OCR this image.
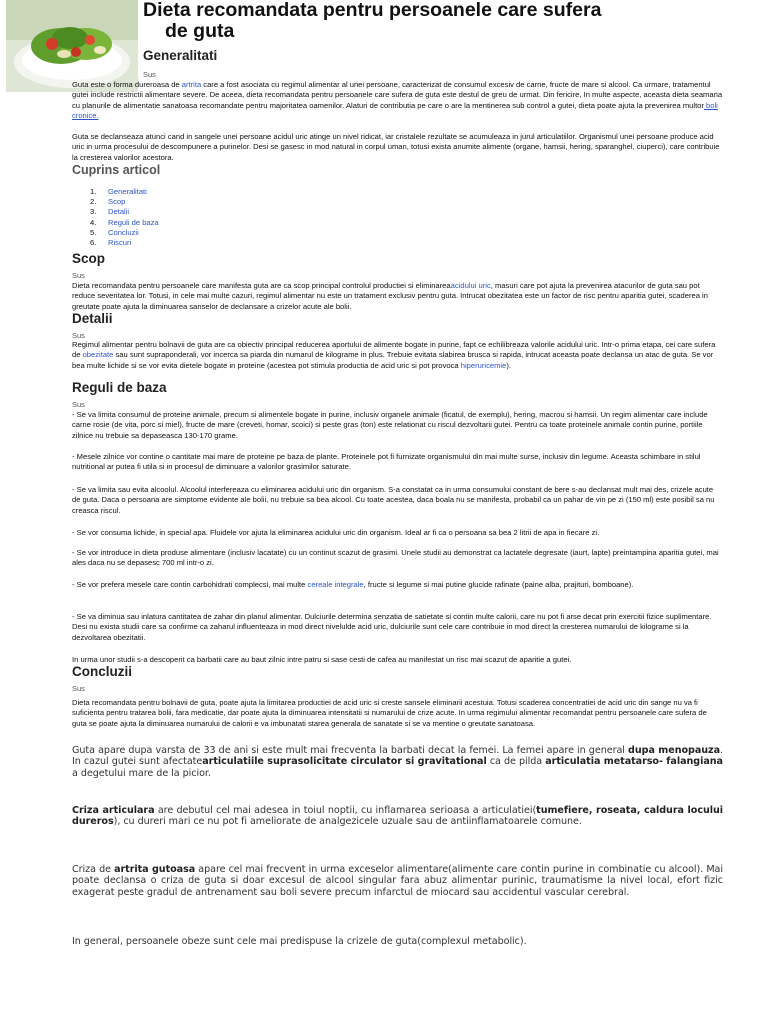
Dieta recomandata pentru persoanele care sufera

de guta
Generalitati

Sus

Guta este o forma dureroasa de artrita care a fost asociata cu regimul alimentar al unei persoane, caracterizat de consumul excesiv de carne, fructe de mare si alcool. Ca urmare, tratamentul gutei include restrictii alimentare severe. De aceea, dieta recomandata pentru persoanele care sufera de guta este destul de greu de urmat. Din fericire, In multe aspecte, aceasta dieta seamana cu planurile de alimentatie sanatoasa recomandate pentru majoritatea oamenilor. Alaturi de contributia pe care o are la mentinerea sub control a gutei, dieta poate ajuta la prevenirea multor boli cronice.

Guta se declanseaza atunci cand in sangele unei persoane acidul uric atinge un nivel ridicat, iar cristalele rezultate se acumuleaza in jurul articulatiilor. Organismul unei persoane produce acid uric in urma procesului de descompunere a purinelor. Desi se gasesc in mod natural in corpul uman, totusi exista anumite alimente (organe, hamsii, hering, sparanghel, ciuperci), care contribuie la cresterea valorilor acestora.

Cuprins articol
1.	Generalitati
2.	Scop
3.	Detalii
4.	Reguli de baza
5.	Concluzii
6.	Riscuri
Scop

Sus

Dieta recomandata pentru persoanele care manifesta guta are ca scop principal controlul productiei si eliminareaacidului uric, masuri care pot ajuta la prevenirea atacurilor de guta sau pot reduce severitatea lor. Totusi, in cele mai multe cazuri, regimul alimentar nu este un tratament exclusiv pentru guta. Intrucat obezitatea este un factor de risc pentru aparitia gutei, scaderea in greutate poate ajuta la diminuarea sanselor de declansare a crizelor acute ale bolii.

Detalii

Sus

Regimul alimentar pentru bolnavii de guta are ca obiectiv principal reducerea aportului de alimente bogate in purine, fapt ce echilibreaza valorile acidului uric. Intr-o prima etapa, cei care sufera de obezitate sau sunt supraponderali, vor incerca sa piarda din numarul de kilograme in plus. Trebuie evitata slabirea brusca si rapida, intrucat aceasta poate declansa un atac de guta. Se vor bea multe lichide si se vor evita dietele bogate in proteine (acestea pot stimula productia de acid uric si pot provoca hiperuricemie).

Reguli de baza

Sus

- Se va limita consumul de proteine animale, precum si alimentele bogate in purine, inclusiv organele animale (ficatul, de exemplu), hering, macrou si hamsii. Un regim alimentar care include carne rosie (de vita, porc si miel), fructe de mare (creveti, homar, scoici) si peste gras (ton) este relationat cu riscul dezvoltarii gutei. Pentru ca toate proteinele animale contin purine, portiile zilnice nu trebuie sa depaseasca 130-170 grame.

- Mesele zilnice vor contine o cantitate mai mare de proteine pe baza de plante. Proteinele pot fi furnizate organismului din mai multe surse, inclusiv din legume. Aceasta schimbare in stilul nutritional ar putea fi utila si in procesul de diminuare a valorilor grasimilor saturate.

- Se va limita sau evita alcoolul. Alcoolul interfereaza cu eliminarea acidului uric din organism. S-a constatat ca in urma consumului constant de bere s-au declansat mult mai des, crizele acute de guta. Daca o persoana are simptome evidente ale bolii, nu trebuie sa bea alcool. Cu toate acestea, daca boala nu se manifesta, probabil ca un pahar de vin pe zi (150 ml) este posibil sa nu creasca riscul.

- Se vor consuma lichide, in special apa. Fluidele vor ajuta la eliminarea acidului uric din organism. Ideal ar fi ca o persoana sa bea 2 litrii de apa in fiecare zi.

- Se vor introduce in dieta produse alimentare (inclusiv lacatate) cu un continut scazut de grasimi. Unele studii au demonstrat ca lactatele degresate (iaurt, lapte) preintampina aparitia gutei, mai ales daca nu se depasesc 700 ml intr-o zi.

- Se vor prefera mesele care contin carbohidrati complecsi, mai multe cereale integrale, fructe si legume si mai putine glucide rafinate (paine alba, prajituri, bomboane).

- Se va diminua sau inlatura cantitatea de zahar din planul alimentar. Dulciurile determina senzatia de satietate si contin multe calorii, care nu pot fi arse decat prin exercitii fizice suplimentare. Desi nu exista studii care sa confirme ca zaharul influenteaza in mod direct nivelulde acid uric, dulciurile sunt cele care contribuie in mod direct la cresterea numarului de kilograme si la dezvoltarea obezitatii.

In urma unor studii s-a descoperit ca barbatii care au baut zilnic intre patru si sase cesti de cafea au manifestat un risc mai scazut de aparitie a gutei.

Concluzii

Sus

Dieta recomandata pentru bolnavii de guta, poate ajuta la limitarea productiei de acid uric si creste sansele eliminarii acestuia. Totusi scaderea concentratiei de acid uric din sange nu va fi suficienta pentru tratarea bolii, fara medicatie, dar poate ajuta la diminuarea intensitatii si numarului de crize acute. In urma regimului alimentar recomandat pentru persoanele care sufera de guta se poate ajuta la diminuarea numarului de calorii e va imbunatati starea generala de sanatate si se va mentine o greutate sanatoasa.

Guta apare dupa varsta de 33 de ani si este mult mai frecventa la barbati decat la femei. La femei apare in general dupa menopauza. In cazul gutei sunt afectatearticulatiile suprasolicitate circulator si gravitational ca de pilda articulatia metatarso- falangiana a degetului mare de la picior.

Criza articulara are debutul cel mai adesea in toiul noptii, cu inflamarea serioasa a articulatiei(tumefiere, roseata, caldura locului dureros), cu dureri mari ce nu pot fi ameliorate de analgezicele uzuale sau de antiinflamatoarele comune.

Criza de artrita gutoasa apare cel mai frecvent in urma exceselor alimentare(alimente care contin purine in combinatie cu alcool). Mai poate declansa o criza de guta si doar excesul de alcool singular fara abuz alimentar purinic, traumatisme la nivel local, efort fizic exagerat peste gradul de antrenament sau boli severe precum infarctul de miocard sau accidentul vascular cerebral.

In general, persoanele obeze sunt cele mai predispuse la crizele de guta(complexul metabolic).
